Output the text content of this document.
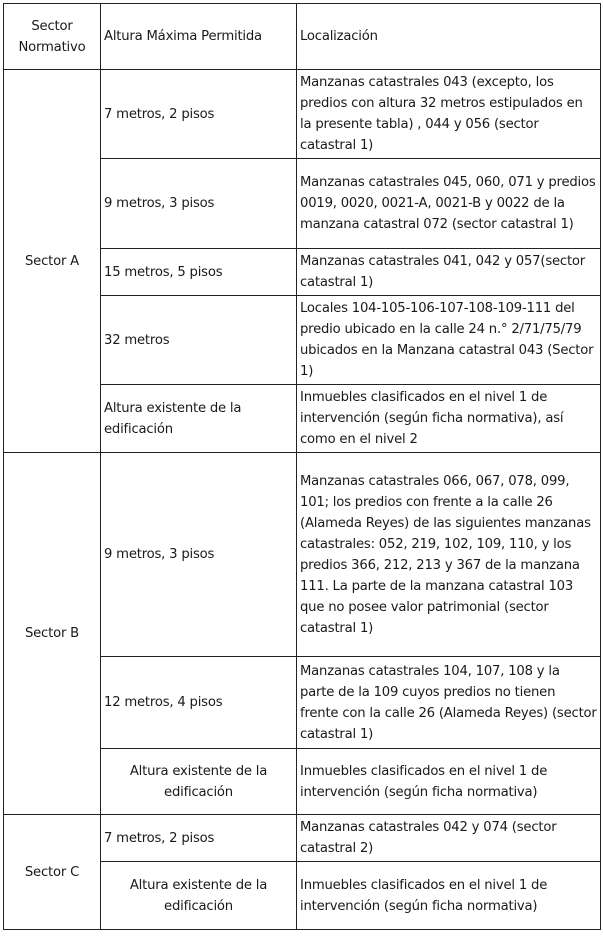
Sector Normativo	Altura Máxima Permitida	Localización
Sector A	7 metros, 2 pisos	Manzanas catastrales 043 (excepto, los predios con altura 32 metros estipulados en la presente tabla) , 044 y 056 (sector catastral 1)
	9 metros, 3 pisos	Manzanas catastrales 045, 060, 071 y predios 0019, 0020, 0021-A, 0021-B y 0022 de la manzana catastral 072 (sector catastral 1)
	15 metros, 5 pisos	Manzanas catastrales 041, 042 y 057(sector catastral 1)
	32 metros	Locales 104-105-106-107-108-109-111 del predio ubicado en la calle 24 n.° 2/71/75/79 ubicados en la Manzana catastral 043 (Sector 1)
	Altura existente de la edificación	Inmuebles clasificados en el nivel 1 de intervención (según ficha normativa), así como en el nivel 2
Sector B	9 metros, 3 pisos	Manzanas catastrales 066, 067, 078, 099, 101; los predios con frente a la calle 26 (Alameda Reyes) de las siguientes manzanas catastrales: 052, 219, 102, 109, 110, y los predios 366, 212, 213 y 367 de la manzana 111. La parte de la manzana catastral 103 que no posee valor patrimonial (sector catastral 1)
	12 metros, 4 pisos	Manzanas catastrales 104, 107, 108 y la parte de la 109 cuyos predios no tienen frente con la calle 26 (Alameda Reyes) (sector catastral 1)
	Altura existente de la edificación	Inmuebles clasificados en el nivel 1 de intervención (según ficha normativa)
Sector C	7 metros, 2 pisos	Manzanas catastrales 042 y 074 (sector catastral 2)
	Altura existente de la edificación	Inmuebles clasificados en el nivel 1 de intervención (según ficha normativa)
